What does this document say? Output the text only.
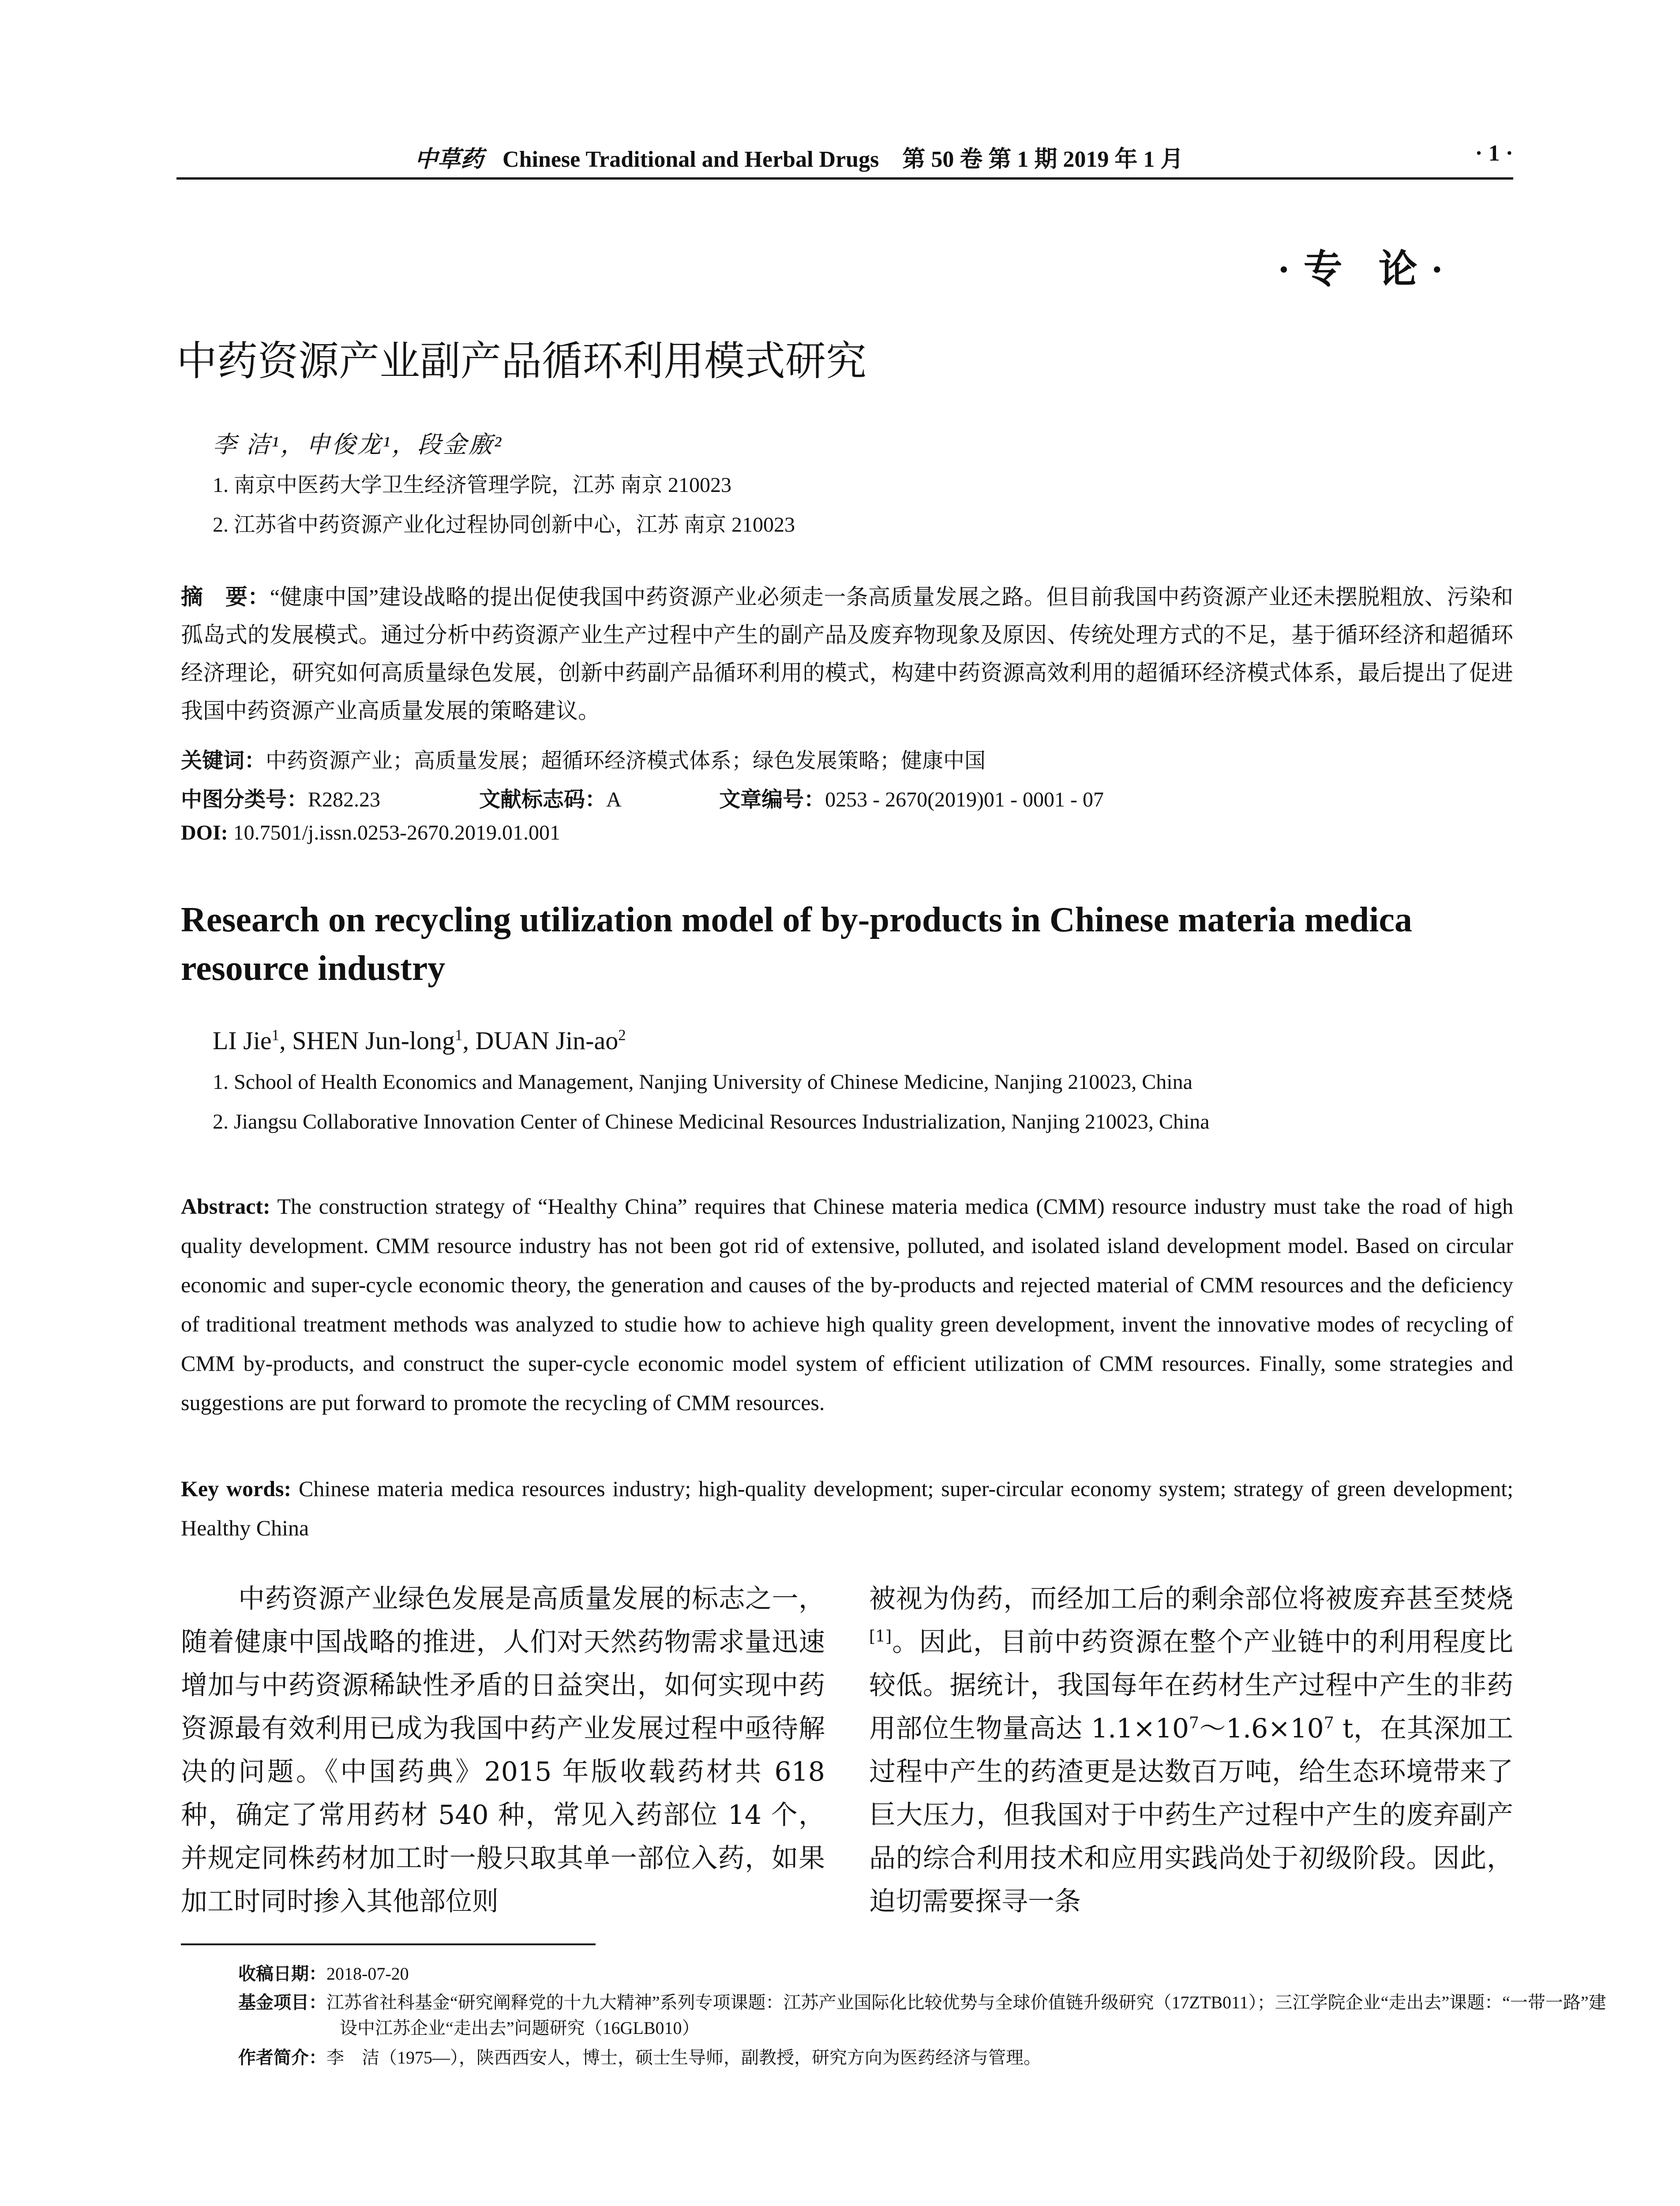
中草药 Chinese Traditional and Herbal Drugs 第 50 卷 第 1 期 2019 年 1 月	· 1 ·
·专 论·
中药资源产业副产品循环利用模式研究
李 洁¹，申俊龙¹，段金廒²
1. 南京中医药大学卫生经济管理学院，江苏 南京 210023
2. 江苏省中药资源产业化过程协同创新中心，江苏 南京 210023
摘　要：“健康中国”建设战略的提出促使我国中药资源产业必须走一条高质量发展之路。但目前我国中药资源产业还未摆脱粗放、污染和孤岛式的发展模式。通过分析中药资源产业生产过程中产生的副产品及废弃物现象及原因、传统处理方式的不足，基于循环经济和超循环经济理论，研究如何高质量绿色发展，创新中药副产品循环利用的模式，构建中药资源高效利用的超循环经济模式体系，最后提出了促进我国中药资源产业高质量发展的策略建议。
关键词：中药资源产业；高质量发展；超循环经济模式体系；绿色发展策略；健康中国
中图分类号：R282.23	文献标志码：A	文章编号：0253 - 2670(2019)01 - 0001 - 07
DOI: 10.7501/j.issn.0253-2670.2019.01.001
Research on recycling utilization model of by-products in Chinese materia medica resource industry
LI Jie$^1$, SHEN Jun-long$^1$, DUAN Jin-$ao^2$
1. School of Health Economics and Management, Nanjing University of Chinese Medicine, Nanjing 210023, China
2. Jiangsu Collaborative Innovation Center of Chinese Medicinal Resources Industrialization, Nanjing 210023, China
Abstract: The construction strategy of “Healthy China” requires that Chinese materia medica (CMM) resource industry must take the road of high quality development. CMM resource industry has not been got rid of extensive, polluted, and isolated island development model. Based on circular economic and super-cycle economic theory, the generation and causes of the by-products and rejected material of CMM resources and the deficiency of traditional treatment methods was analyzed to studie how to achieve high quality green development, invent the innovative modes of recycling of CMM by-products, and construct the super-cycle economic model system of efficient utilization of CMM resources. Finally, some strategies and suggestions are put forward to promote the recycling of CMM resources.
Key words: Chinese materia medica resources industry; high-quality development; super-circular economy system; strategy of green development; Healthy China
中药资源产业绿色发展是高质量发展的标志之一，随着健康中国战略的推进，人们对天然药物需求量迅速增加与中药资源稀缺性矛盾的日益突出，如何实现中药资源最有效利用已成为我国中药产业发展过程中亟待解决的问题。《中国药典》2015 年版收载药材共 618 种，确定了常用药材 540 种，常见入药部位 14 个，并规定同株药材加工时一般只取其单一部位入药，如果加工时同时掺入其他部位则
被视为伪药，而经加工后的剩余部位将被废弃甚至焚烧[1]。因此，目前中药资源在整个产业链中的利用程度比较低。据统计，我国每年在药材生产过程中产生的非药用部位生物量高达 $1.1\times 10^7\sim 1.6\times 10^7$ t，在其深加工过程中产生的药渣更是达数百万吨，给生态环境带来了巨大压力，但我国对于中药生产过程中产生的废弃副产品的综合利用技术和应用实践尚处于初级阶段。因此，迫切需要探寻一条
收稿日期：2018-07-20
基金项目：江苏省社科基金“研究阐释党的十九大精神”系列专项课题：江苏产业国际化比较优势与全球价值链升级研究（17ZTB011）；三江学院企业“走出去”课题：“一带一路”建设中江苏企业“走出去”问题研究（16GLB010）
作者简介：李　洁（1975—），陕西西安人，博士，硕士生导师，副教授，研究方向为医药经济与管理。
